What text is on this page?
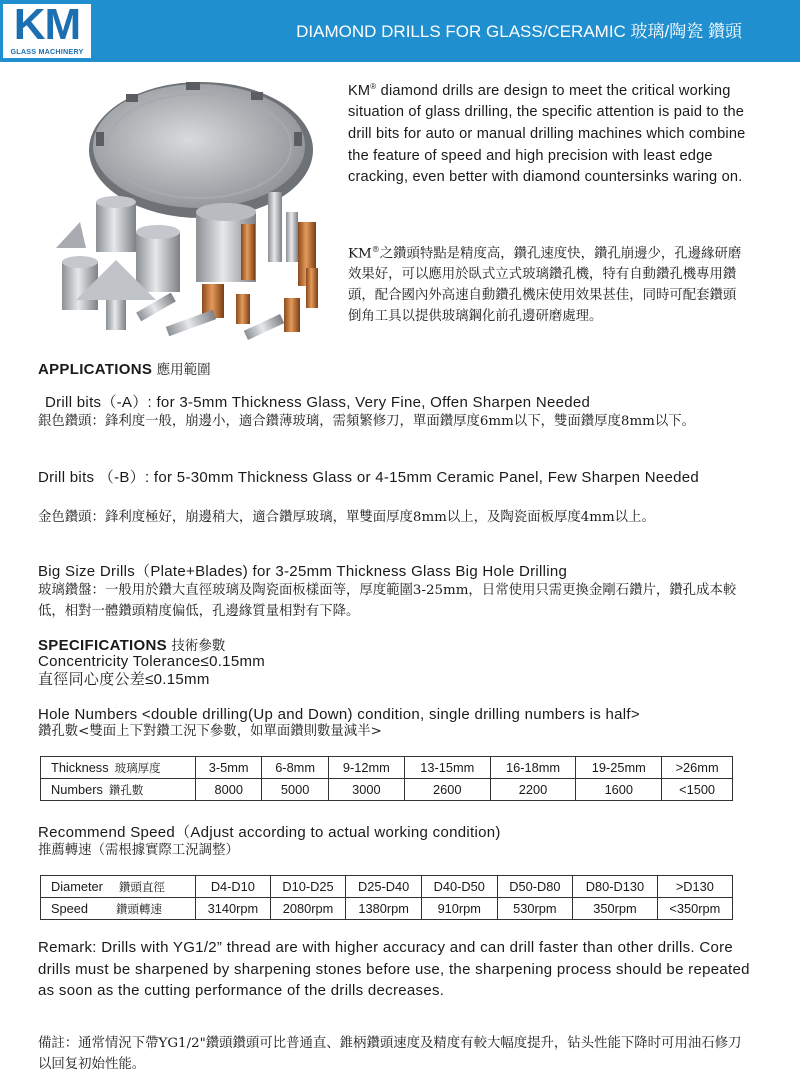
KM
GLASS MACHINERY
DIAMOND DRILLS FOR GLASS/CERAMIC 玻璃/陶瓷 鑽頭
KM® diamond drills are design to meet the critical working situation of glass drilling, the specific attention is paid to the drill bits for auto or manual drilling machines which combine the feature of speed and high precision with least edge cracking, even better with diamond countersinks waring on.
KM®之鑽頭特點是精度高，鑽孔速度快，鑽孔崩邊少，孔邊緣研磨效果好，可以應用於臥式立式玻璃鑽孔機，特有自動鑽孔機專用鑽頭，配合國內外高速自動鑽孔機床使用效果甚佳，同時可配套鑽頭倒角工具以提供玻璃鋼化前孔邊研磨處理。
APPLICATIONS 應用範圍
Drill bits（-A）: for 3-5mm Thickness Glass, Very Fine, Offen Sharpen Needed
銀色鑽頭：鋒利度一般，崩邊小，適合鑽薄玻璃，需頻繁修刀，單面鑽厚度6mm以下，雙面鑽厚度8mm以下。
Drill bits （-B）: for 5-30mm Thickness Glass or 4-15mm Ceramic Panel, Few Sharpen Needed
金色鑽頭：鋒利度極好，崩邊稍大，適合鑽厚玻璃，單雙面厚度8mm以上，及陶瓷面板厚度4mm以上。
Big Size Drills（Plate+Blades) for 3-25mm Thickness Glass Big Hole Drilling
玻璃鑽盤：一般用於鑽大直徑玻璃及陶瓷面板樣面等，厚度範圍3-25mm，日常使用只需更換金剛石鑽片，鑽孔成本較低，相對一體鑽頭精度偏低，孔邊緣質量相對有下降。
SPECIFICATIONS 技術參數
Concentricity Tolerance≤0.15mm
直徑同心度公差≤0.15mm
Hole Numbers <double drilling(Up and Down) condition, single drilling numbers is half>
鑽孔數<雙面上下對鑽工況下參數，如單面鑽則數量減半>
Thickness 玻璃厚度	3-5mm	6-8mm	9-12mm	13-15mm	16-18mm	19-25mm	>26mm
Numbers 鑽孔數	8000	5000	3000	2600	2200	1600	<1500
Recommend Speed（Adjust according to actual working condition)
推薦轉速（需根據實際工況調整）
Diameter 鑽頭直徑	D4-D10	D10-D25	D25-D40	D40-D50	D50-D80	D80-D130	>D130
Speed 鑽頭轉速	3140rpm	2080rpm	1380rpm	910rpm	530rpm	350rpm	<350rpm
Remark: Drills with YG1/2” thread are with higher accuracy and can drill faster than other drills. Core drills must be sharpened by sharpening stones before use, the sharpening process should be repeated as soon as the cutting performance of the drills decreases.
備註：通常情況下帶YG1/2"鑽頭鑽頭可比普通直、錐柄鑽頭速度及精度有較大幅度提升，钻头性能下降时可用油石修刀以回复初始性能。
